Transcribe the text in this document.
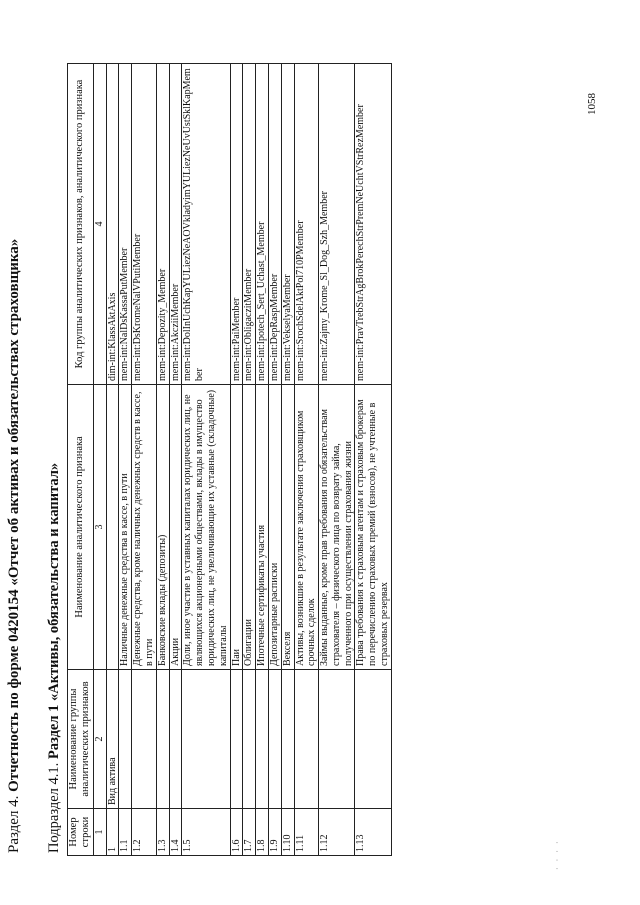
Раздел 4. Отчетность по форме 0420154 «Отчет об активах и обязательствах страховщика»
Подраздел 4.1. Раздел 1 «Активы, обязательства и капитал»
Номер строки	Наименование группы аналитических признаков	Наименование аналитического признака	Код группы аналитических признаков, аналитического признака
1	2	3	4
1	Вид актива		dim-int:KlassAktAxis
1.1		Наличные денежные средства в кассе, в пути	mem-int:NalDsKassaPutMember
1.2		Денежные средства, кроме наличных денежных средств в кассе, в пути	mem-int:DsKromeNalVPutiMember
1.3		Банковские вклады (депозиты)	mem-int:Depozity_Member
1.4		Акции	mem-int:AkcziiMember
1.5		Доли, иное участие в уставных капиталах юридических лиц, не являющихся акционерными обществами, вклады в имущество юридических лиц, не увеличивающие их уставные (складочные) капиталы	mem-int:DolInUchKapYULiezNeAOVkladyimYULiezNeUvUstSklKapMember
1.6		Паи	mem-int:PaiMember
1.7		Облигации	mem-int:ObligaczitMember
1.8		Ипотечные сертификаты участия	mem-int:Ipotech_Sert_Uchast_Member
1.9		Депозитарные расписки	mem-int:DepRaspMember
1.10		Векселя	mem-int:VekselyaMember
1.11		Активы, возникшие в результате заключения страховщиком срочных сделок	mem-int:SrochSdelAktPol710PMember
1.12		Займы выданные, кроме прав требования по обязательствам страхователя – физического лица по возврату займа, полученного при осуществлении страхования жизни	mem-int:Zajmy_Krome_Sl_Dog_Szh_Member
1.13		Права требования к страховым агентам и страховым брокерам по перечислению страховых премий (взносов), не учтенные в страховых резервах	mem-int:PravTrebStrAgBrokPerechStrPremNeUchtVStrRezMember
1058
· · · ·
